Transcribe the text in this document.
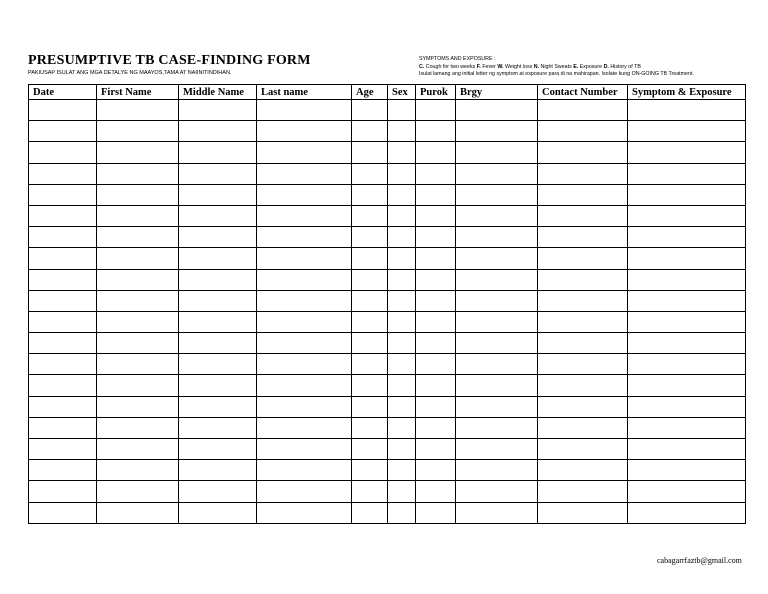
PRESUMPTIVE TB CASE-FINDING FORM
PAKIUSAP ISULAT ANG MGA DETALYE NG MAAYOS,TAMA AT NAIINITINDIHAN.
SYMPTOMS AND EXPOSURE :
C. Cough for two weeks F. Fever W. Weight loss N. Night Sweats E. Exposure D. History of TB
Isulat lamang ang initial letter ng symptom at exposure para di na mahirapan. Isolate kung ON-GOING TB Treatment.
Date	First Name	Middle Name	Last name	Age	Sex	Purok	Brgy	Contact Number	Symptom & Exposure

cabagarrfaztb@gmail.com
